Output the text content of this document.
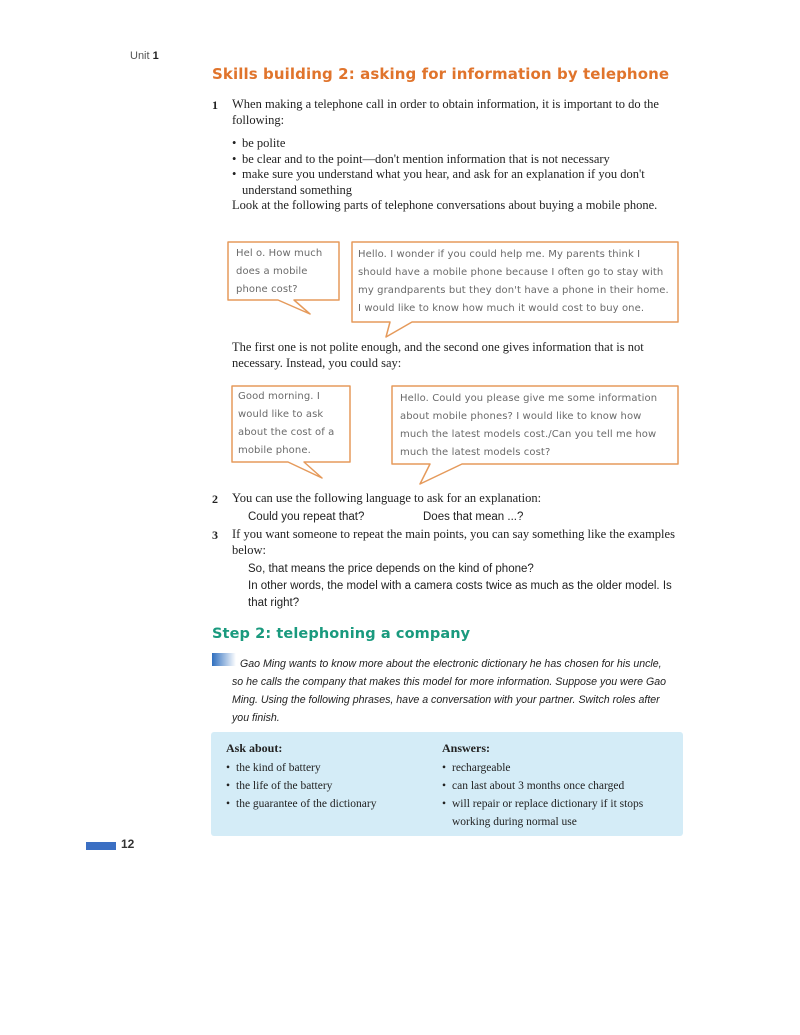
Unit 1
Skills building 2: asking for information by telephone
1 When making a telephone call in order to obtain information, it is important to do the following:
• be polite
• be clear and to the point—don't mention information that is not necessary
• make sure you understand what you hear, and ask for an explanation if you don't understand something
Look at the following parts of telephone conversations about buying a mobile phone.
Hel o. How much
does a mobile
phone cost?
Hello. I wonder if you could help me. My parents think I
should have a mobile phone because I often go to stay with
my grandparents but they don't have a phone in their home.
I would like to know how much it would cost to buy one.
The first one is not polite enough, and the second one gives information that is not necessary. Instead, you could say:
Good morning. I
would like to ask
about the cost of a
mobile phone.
Hello. Could you please give me some information
about mobile phones? I would like to know how
much the latest models cost./Can you tell me how
much the latest models cost?
2 You can use the following language to ask for an explanation:
Could you repeat that?	Does that mean ...?
3 If you want someone to repeat the main points, you can say something like the examples below:
So, that means the price depends on the kind of phone?
In other words, the model with a camera costs twice as much as the older model. Is that right?
Step 2: telephoning a company
Gao Ming wants to know more about the electronic dictionary he has chosen for his uncle, so he calls the company that makes this model for more information. Suppose you were Gao Ming. Using the following phrases, have a conversation with your partner. Switch roles after you finish.
Ask about:
• the kind of battery
• the life of the battery
• the guarantee of the dictionary
Answers:
• rechargeable
• can last about 3 months once charged
• will repair or replace dictionary if it stops working during normal use
12
